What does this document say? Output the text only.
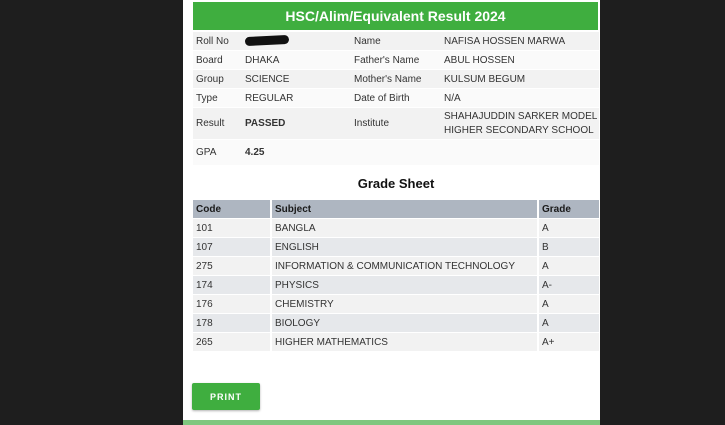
HSC/Alim/Equivalent Result 2024
Roll No		Name	NAFISA HOSSEN MARWA
Board	DHAKA	Father's Name	ABUL HOSSEN
Group	SCIENCE	Mother's Name	KULSUM BEGUM
Type	REGULAR	Date of Birth	N/A
Result	PASSED	Institute	SHAHAJUDDIN SARKER MODEL HIGHER SECONDARY SCHOOL
GPA	4.25		
Grade Sheet
Code	Subject	Grade
101	BANGLA	A
107	ENGLISH	B
275	INFORMATION & COMMUNICATION TECHNOLOGY	A
174	PHYSICS	A-
176	CHEMISTRY	A
178	BIOLOGY	A
265	HIGHER MATHEMATICS	A+
PRINT
